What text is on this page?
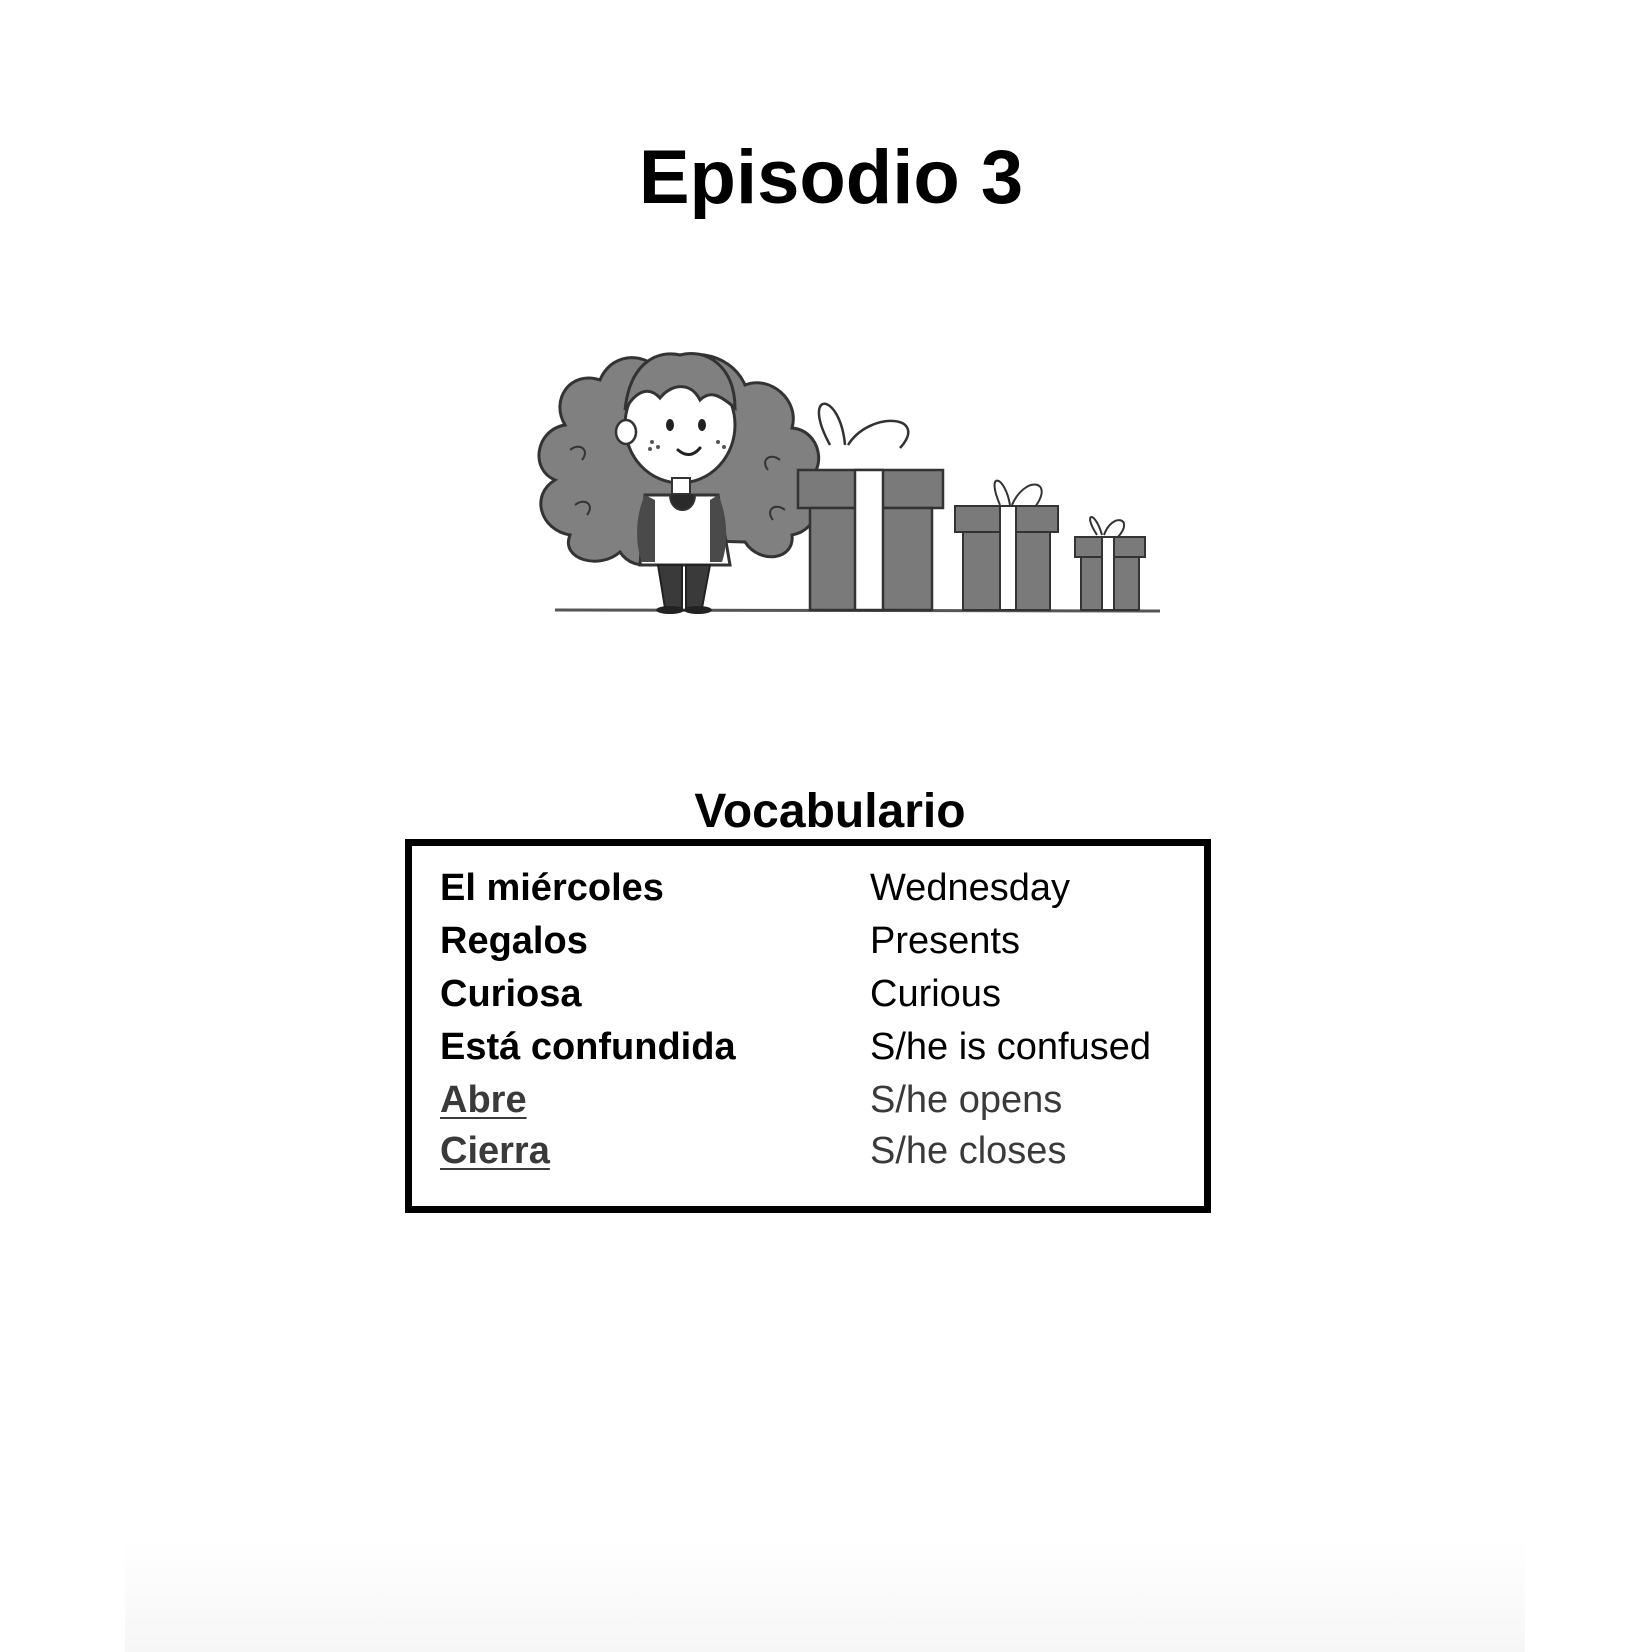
Episodio 3
Vocabulario
El miércoles	Wednesday
Regalos	Presents
Curiosa	Curious
Está confundida	S/he is confused
Abre	S/he opens
Cierra	S/he closes
